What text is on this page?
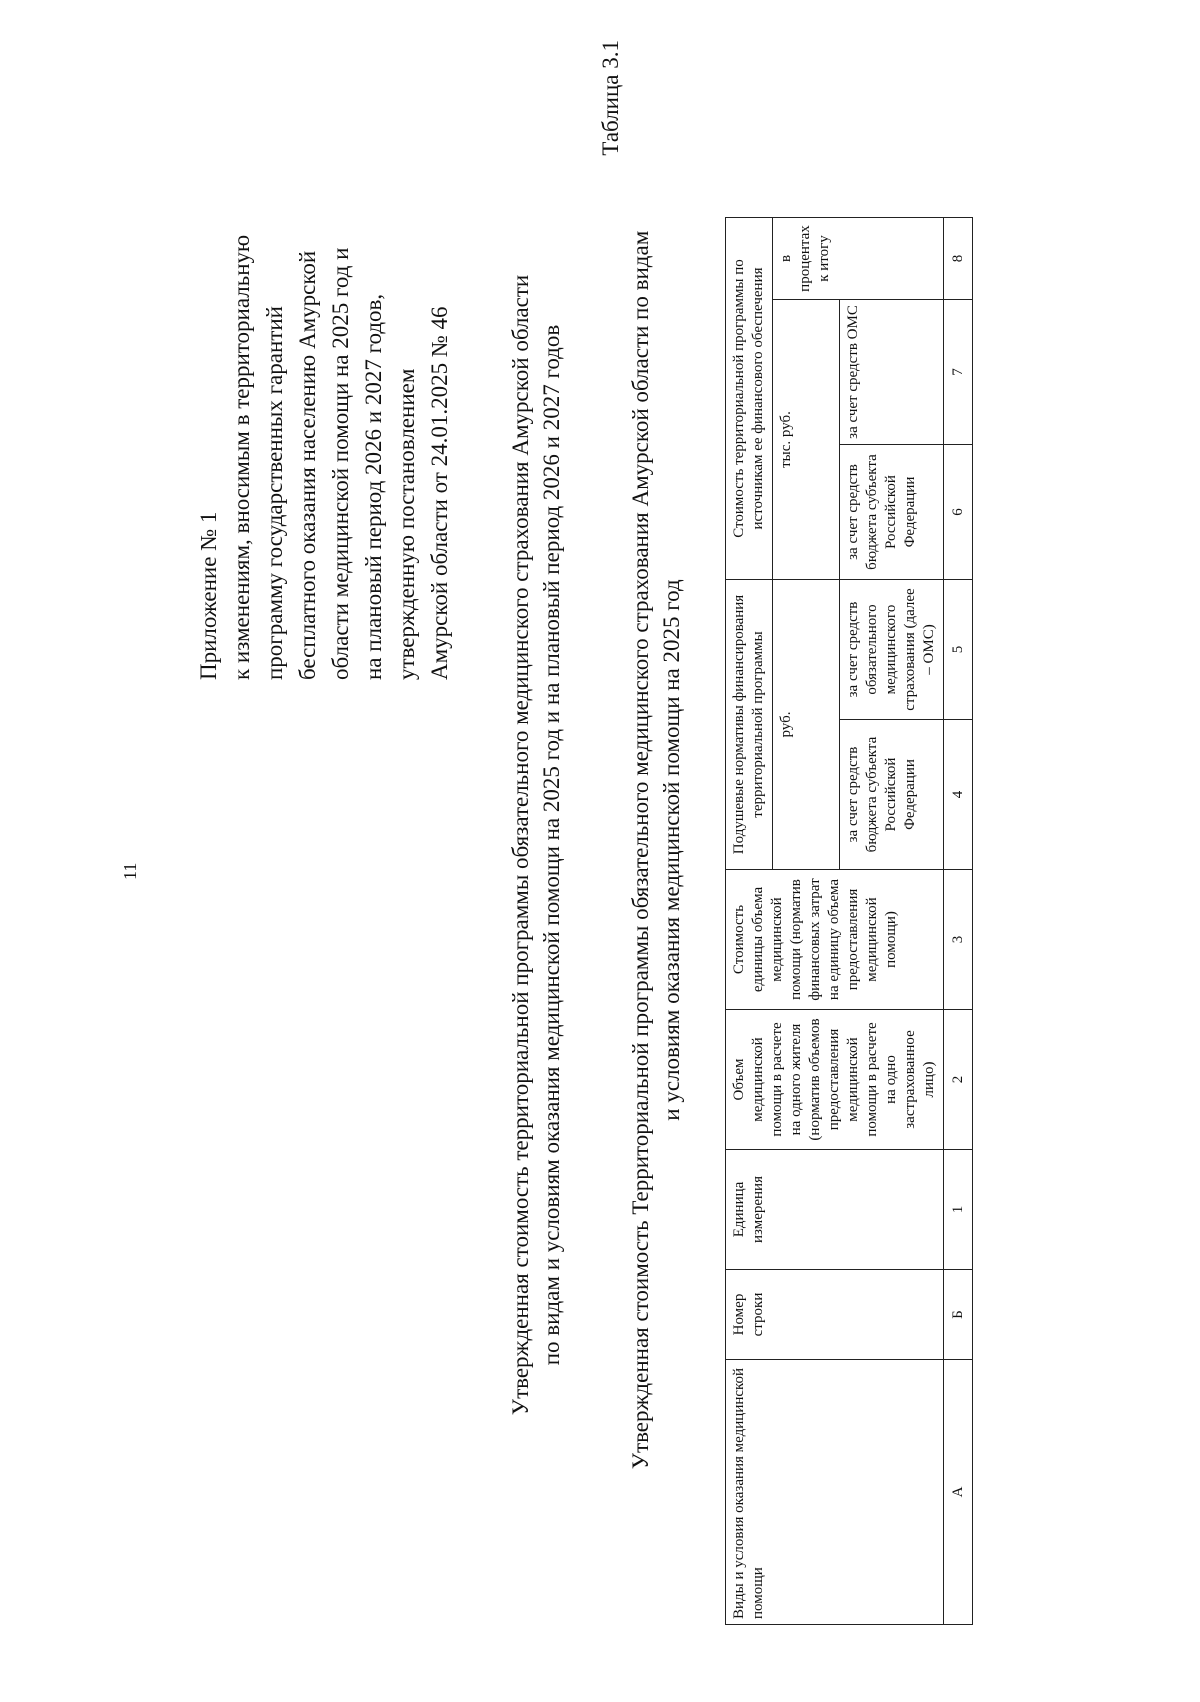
11
Приложение № 1 к изменениям, вносимым в территориальную программу государственных гарантий бесплатного оказания населению Амурской области медицинской помощи на 2025 год и на плановый период 2026 и 2027 годов, утвержденную постановлением Амурской области от 24.01.2025 № 46 Утвержденная стоимость территориальной программы обязательного медицинского страхования Амурской области по видам и условиям оказания медицинской помощи на 2025 год и на плановый период 2026 и 2027 годов
Таблица 3.1
Утвержденная стоимость Территориальной программы обязательного медицинского страхования Амурской области по видам и условиям оказания медицинской помощи на 2025 год
Виды и условия оказания медицинской помощи	Номер строки	Единица измерения	Объем медицинской помощи в расчете на одного жителя (норматив объемов предоставления медицинской помощи в расчете на одно застрахованное лицо)	Стоимость единицы объема медицинской помощи (норматив финансовых затрат на единицу объема предоставления медицинской помощи)	Подушевые нормативы финансирования территориальной программы		Стоимость территориальной программы по источникам ее финансового обеспечения		
					руб.		тыс. руб.		в процентах к итогу
					за счет средств бюджета субъекта Российской Федерации	за счет средств обязательного медицинского страхования (далее – ОМС)	за счет средств бюджета субъекта Российской Федерации	за счет средств ОМС	
А	Б	1	2	3	4	5	6	7	8
